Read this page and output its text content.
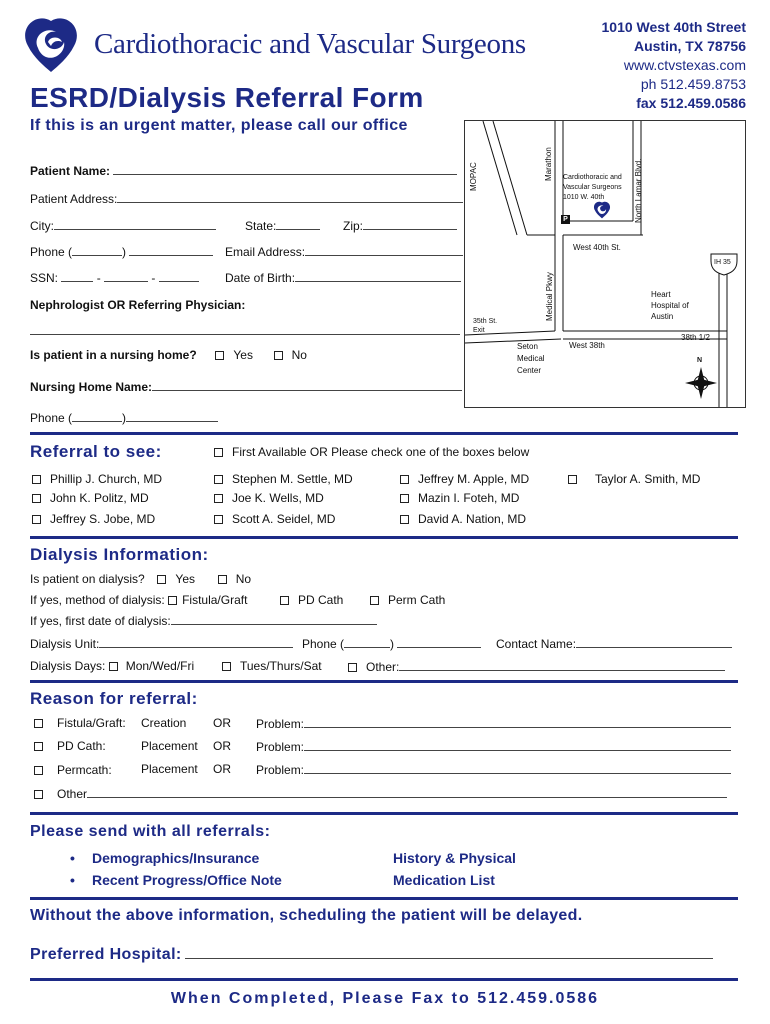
Cardiothoracic and Vascular Surgeons
1010 West 40th Street
Austin, TX 78756
www.ctvstexas.com
ph 512.459.8753
fax 512.459.0586
ESRD/Dialysis Referral Form
If this is an urgent matter, please call our office
Patient Name:
Patient Address:
City:	State:	Zip:
Phone (	)	Email Address:
SSN:	-	-	Date of Birth:
Nephrologist OR Referring Physician:
Is patient in a nursing home?	Yes	No
Nursing Home Name:
Phone (	)
MOPAC	Marathon	North Lamar Blvd.
Cardiothoracic and
Vascular Surgeons
1010 W. 40th
P
West 40th St.
IH 35
Medical Pkwy	Heart
Hospital of
Austin
35th St.
Exit
Seton
Medical
Center
West 38th
38th 1/2
N
Referral to see:	First Available OR Please check one of the boxes below
Phillip J. Church, MD	Stephen M. Settle, MD	Jeffrey M. Apple, MD	Taylor A. Smith, MD
John K. Politz, MD	Joe K. Wells, MD	Mazin I. Foteh, MD
Jeffrey S. Jobe, MD	Scott A. Seidel, MD	David A. Nation, MD
Dialysis Information:
Is patient on dialysis?	Yes	No
If yes, method of dialysis: Fistula/Graft	PD Cath	Perm Cath
If yes, first date of dialysis:
Dialysis Unit:	Phone (	)	Contact Name:
Dialysis Days: Mon/Wed/Fri	Tues/Thurs/Sat	Other:
Reason for referral:
Fistula/Graft: Creation OR Problem:
PD Cath:	Placement OR Problem:
Permcath: Placement OR Problem:
Other
Please send with all referrals:
• Demographics/Insurance
• Recent Progress/Office Note
History & Physical
Medication List
Without the above information, scheduling the patient will be delayed.
Preferred Hospital:
When Completed, Please Fax to 512.459.0586
